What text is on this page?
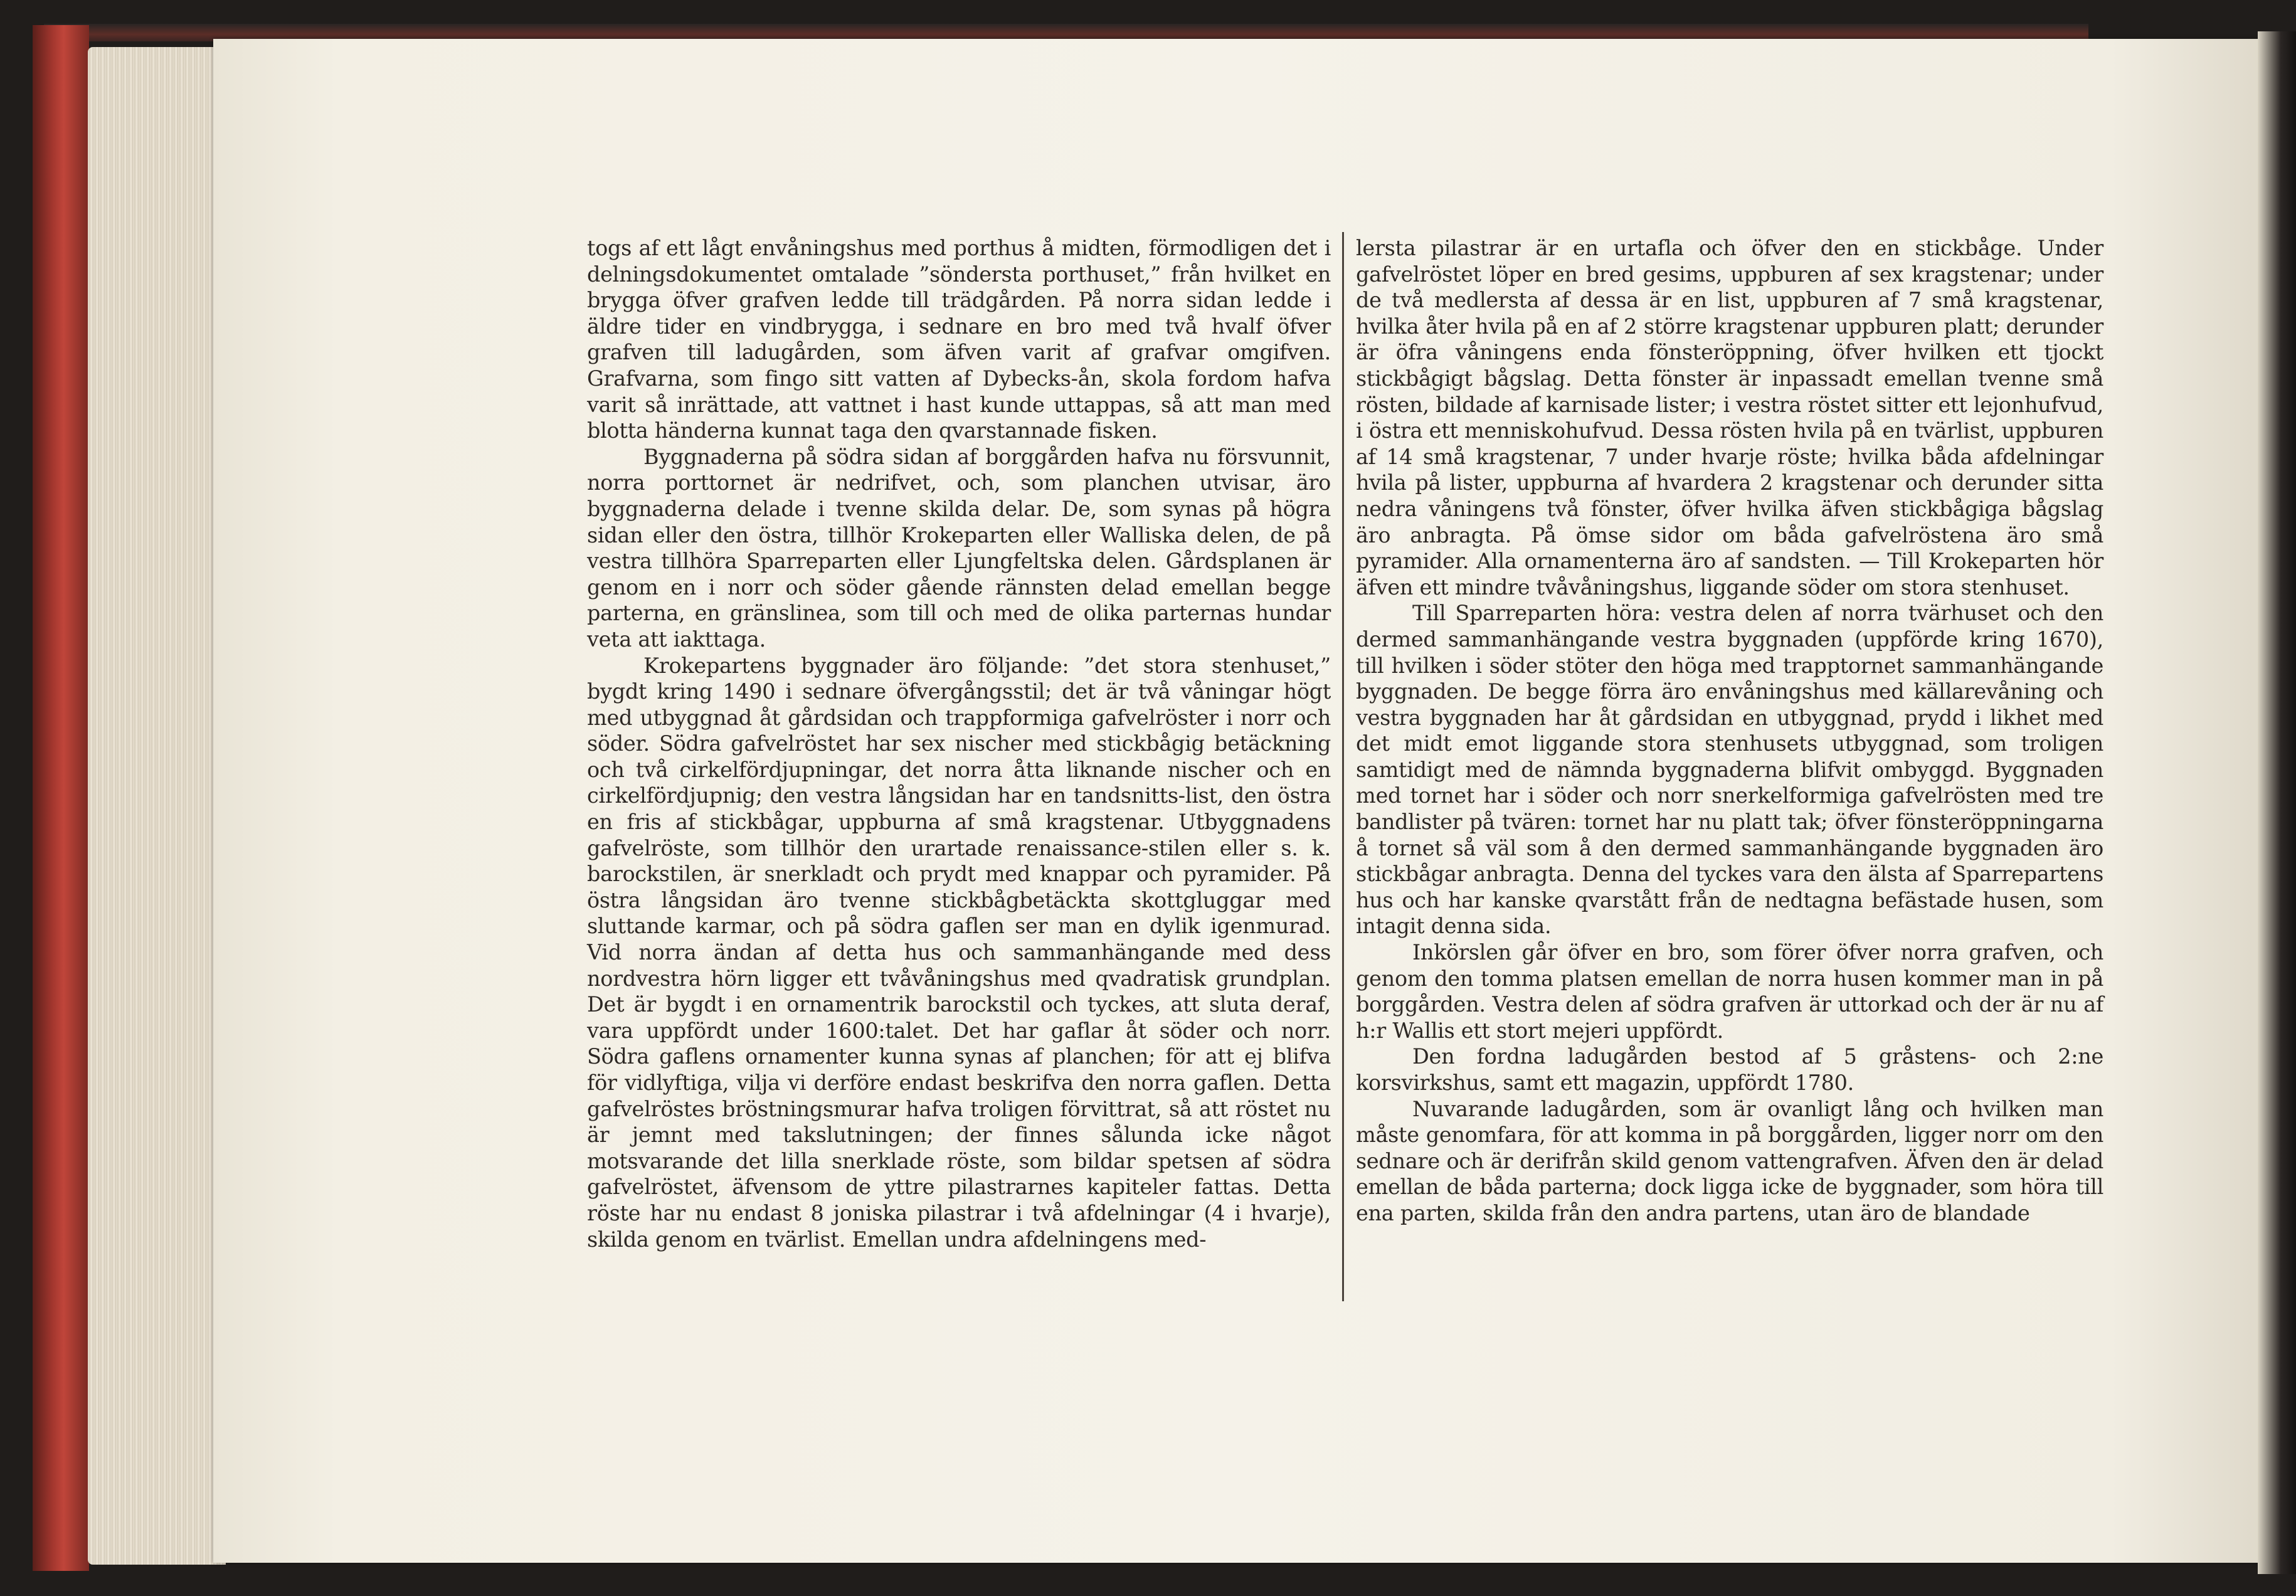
togs af ett lågt envåningshus med porthus å midten, förmodligen det i delningsdokumentet omtalade ”söndersta porthuset,” från hvilket en brygga öfver grafven ledde till trädgården. På norra sidan ledde i äldre tider en vindbrygga, i sednare en bro med två hvalf öfver grafven till ladugården, som äfven varit af grafvar omgifven. Grafvarna, som fingo sitt vatten af Dybecks-ån, skola fordom hafva varit så inrättade, att vattnet i hast kunde uttappas, så att man med blotta händerna kunnat taga den qvarstannade fisken.

Byggnaderna på södra sidan af borggården hafva nu försvunnit, norra porttornet är nedrifvet, och, som planchen utvisar, äro byggnaderna delade i tvenne skilda delar. De, som synas på högra sidan eller den östra, tillhör Krokeparten eller Walliska delen, de på vestra tillhöra Sparreparten eller Ljungfeltska delen. Gårdsplanen är genom en i norr och söder gående rännsten delad emellan begge parterna, en gränslinea, som till och med de olika parternas hundar veta att iakttaga.

Krokepartens byggnader äro följande: ”det stora stenhuset,” bygdt kring 1490 i sednare öfvergångsstil; det är två våningar högt med utbyggnad åt gårdsidan och trappformiga gafvelröster i norr och söder. Södra gafvelröstet har sex nischer med stickbågig betäckning och två cirkelfördjupningar, det norra åtta liknande nischer och en cirkelfördjupnig; den vestra långsidan har en tandsnitts-list, den östra en fris af stickbågar, uppburna af små kragstenar. Utbyggnadens gafvelröste, som tillhör den urartade renaissance-stilen eller s. k. barockstilen, är snerkladt och prydt med knappar och pyramider. På östra långsidan äro tvenne stickbågbetäckta skottgluggar med sluttande karmar, och på södra gaflen ser man en dylik igenmurad. Vid norra ändan af detta hus och sammanhängande med dess nordvestra hörn ligger ett tvåvåningshus med qvadratisk grundplan. Det är bygdt i en ornamentrik barockstil och tyckes, att sluta deraf, vara uppfördt under 1600:talet. Det har gaflar åt söder och norr. Södra gaflens ornamenter kunna synas af planchen; för att ej blifva för vidlyftiga, vilja vi derföre endast beskrifva den norra gaflen. Detta gafvelröstes bröstningsmurar hafva troligen förvittrat, så att röstet nu är jemnt med takslutningen; der finnes sålunda icke något motsvarande det lilla snerklade röste, som bildar spetsen af södra gafvelröstet, äfvensom de yttre pilastrarnes kapiteler fattas. Detta röste har nu endast 8 joniska pilastrar i två afdelningar (4 i hvarje), skilda genom en tvärlist. Emellan undra afdelningens med-

lersta pilastrar är en urtafla och öfver den en stickbåge. Under gafvelröstet löper en bred gesims, uppburen af sex kragstenar; under de två medlersta af dessa är en list, uppburen af 7 små kragstenar, hvilka åter hvila på en af 2 större kragstenar uppburen platt; derunder är öfra våningens enda fönsteröppning, öfver hvilken ett tjockt stickbågigt bågslag. Detta fönster är inpassadt emellan tvenne små rösten, bildade af karnisade lister; i vestra röstet sitter ett lejonhufvud, i östra ett menniskohufvud. Dessa rösten hvila på en tvärlist, uppburen af 14 små kragstenar, 7 under hvarje röste; hvilka båda afdelningar hvila på lister, uppburna af hvardera 2 kragstenar och derunder sitta nedra våningens två fönster, öfver hvilka äfven stickbågiga bågslag äro anbragta. På ömse sidor om båda gafvelröstena äro små pyramider. Alla ornamenterna äro af sandsten. — Till Krokeparten hör äfven ett mindre tvåvåningshus, liggande söder om stora stenhuset.

Till Sparreparten höra: vestra delen af norra tvärhuset och den dermed sammanhängande vestra byggnaden (uppförde kring 1670), till hvilken i söder stöter den höga med trapptornet sammanhängande byggnaden. De begge förra äro envåningshus med källarevåning och vestra byggnaden har åt gårdsidan en utbyggnad, prydd i likhet med det midt emot liggande stora stenhusets utbyggnad, som troligen samtidigt med de nämnda byggnaderna blifvit ombyggd. Byggnaden med tornet har i söder och norr snerkelformiga gafvelrösten med tre bandlister på tvären: tornet har nu platt tak; öfver fönsteröppningarna å tornet så väl som å den dermed sammanhängande byggnaden äro stickbågar anbragta. Denna del tyckes vara den älsta af Sparrepartens hus och har kanske qvarstått från de nedtagna befästade husen, som intagit denna sida.

Inkörslen går öfver en bro, som förer öfver norra grafven, och genom den tomma platsen emellan de norra husen kommer man in på borggården. Vestra delen af södra grafven är uttorkad och der är nu af h:r Wallis ett stort mejeri uppfördt.

Den fordna ladugården bestod af 5 gråstens- och 2:ne korsvirkshus, samt ett magazin, uppfördt 1780.

Nuvarande ladugården, som är ovanligt lång och hvilken man måste genomfara, för att komma in på borggården, ligger norr om den sednare och är derifrån skild genom vattengrafven. Äfven den är delad emellan de båda parterna; dock ligga icke de byggnader, som höra till ena parten, skilda från den andra partens, utan äro de blandade
